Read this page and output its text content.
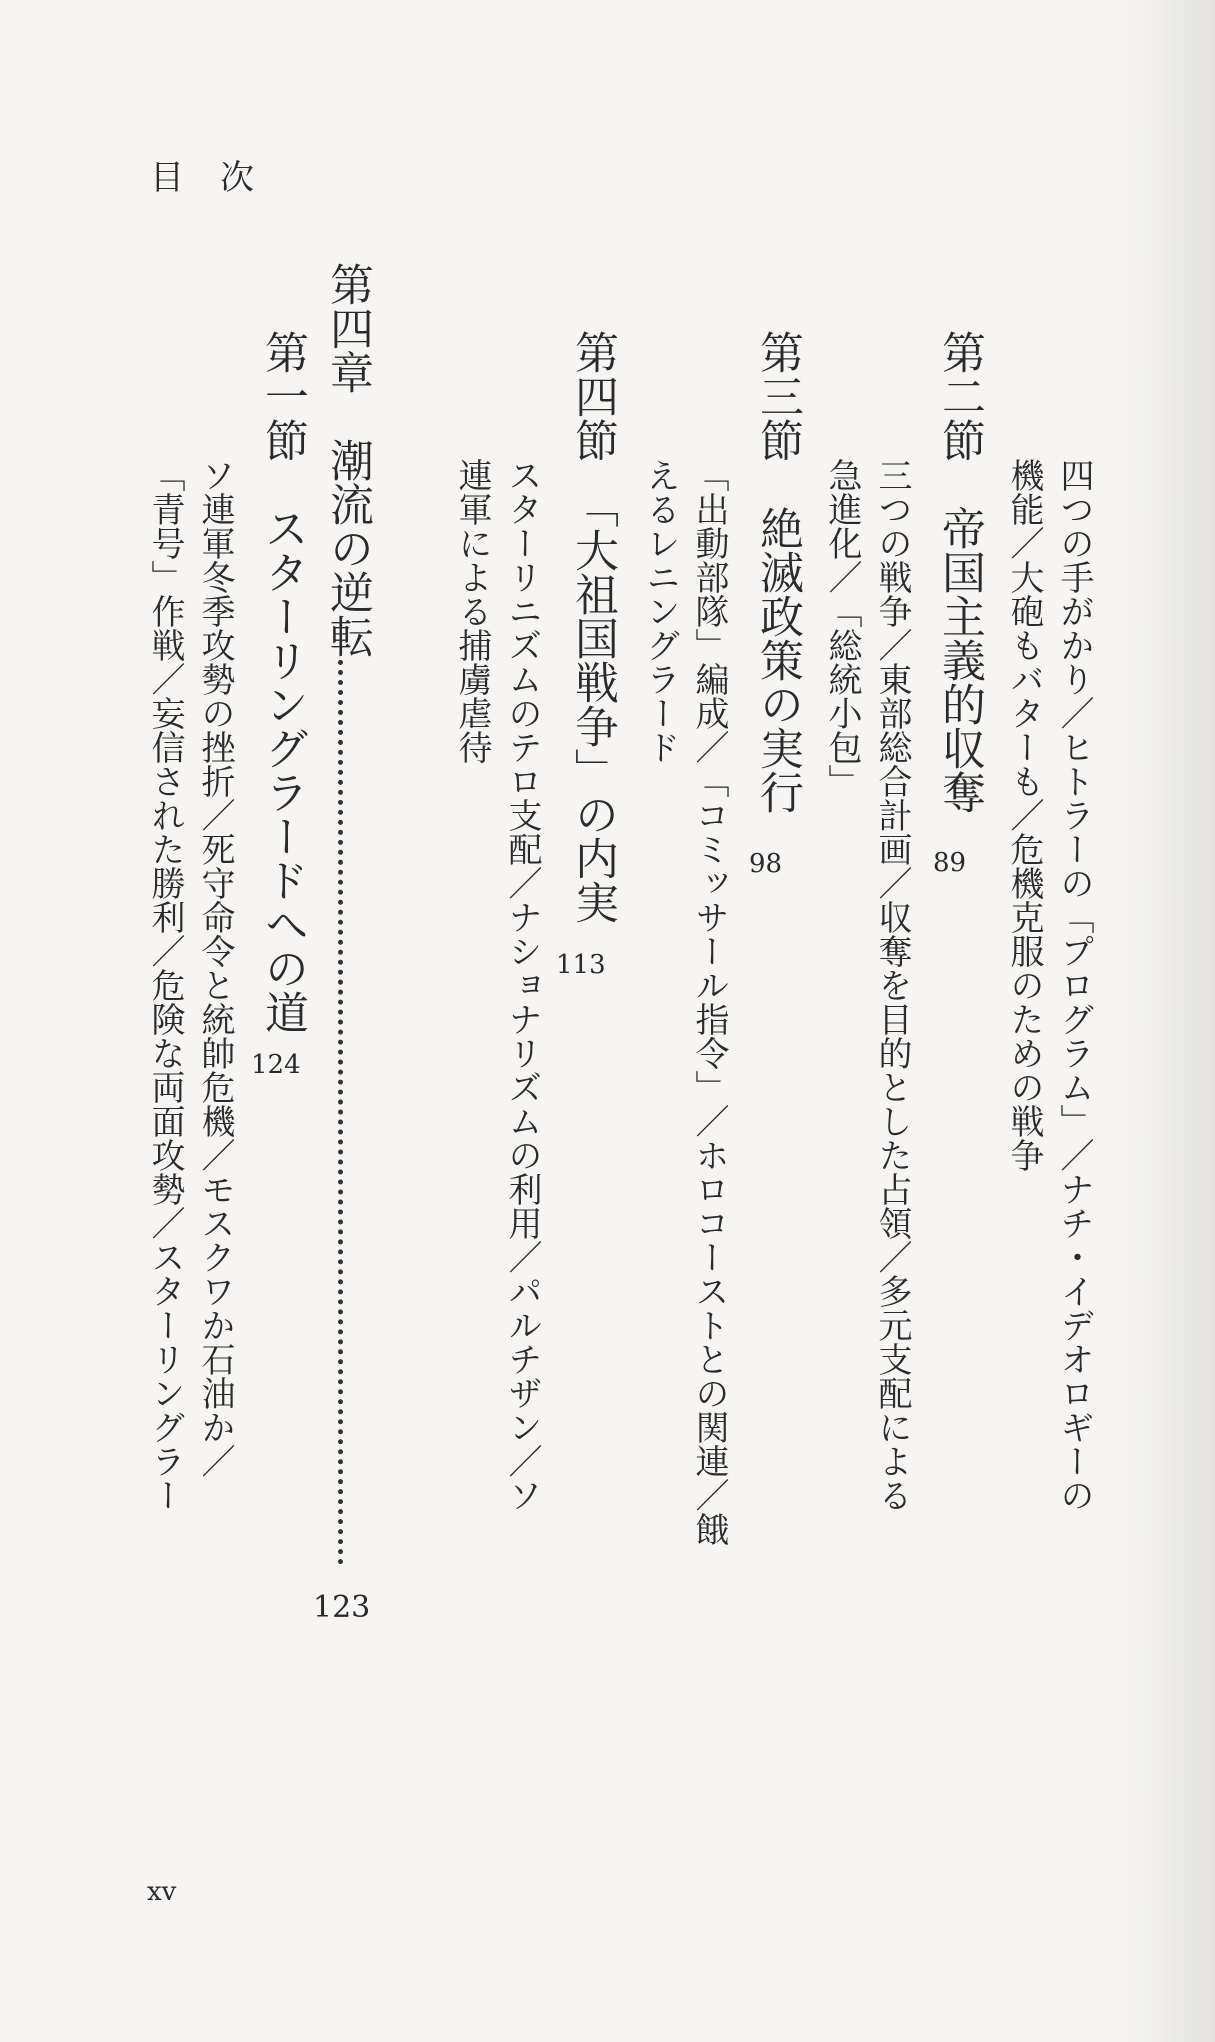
目次
四つの手がかり／ヒトラーの「プログラム」／ナチ・イデオロギーの
機能／大砲もバターも／危機克服のための戦争
第二節　帝国主義的収奪
89
三つの戦争／東部総合計画／収奪を目的とした占領／多元支配による
急進化／「総統小包」
第三節　絶滅政策の実行
98
「出動部隊」編成／「コミッサール指令」／ホロコーストとの関連／餓
えるレニングラード
第四節　「大祖国戦争」の内実
113
スターリニズムのテロ支配／ナショナリズムの利用／パルチザン／ソ
連軍による捕虜虐待
第四章　潮流の逆転
123
第一節　スターリングラードへの道
124
ソ連軍冬季攻勢の挫折／死守命令と統帥危機／モスクワか石油か／
「青号」作戦／妄信された勝利／危険な両面攻勢／スターリングラー
xv
